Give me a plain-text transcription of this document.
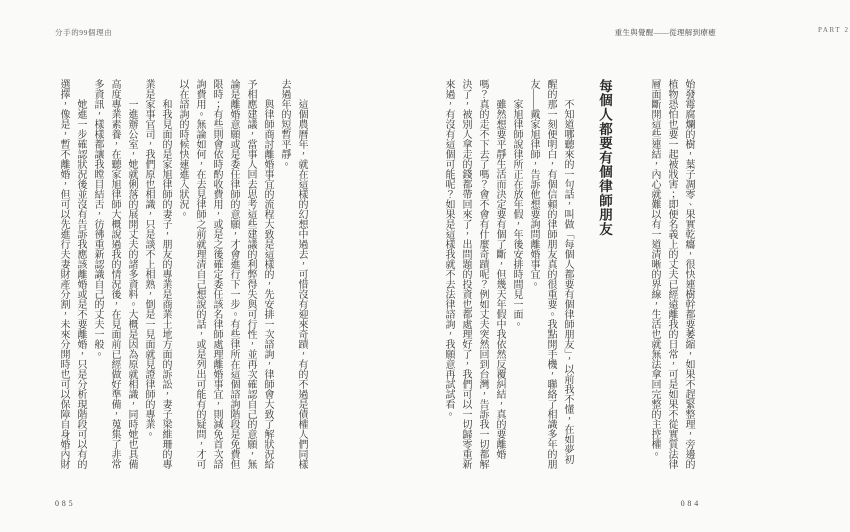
分手的99個理由

這個農曆年，就在這樣的幻想中過去，可惜沒有迎來奇蹟，有的不過是債權人們同樣去過年的短暫平靜。

與律師商討離婚事宜的流程大致是這樣的，先安排一次諮詢，律師會大致了解狀況給予相應建議，當事人回去思考這些建議的利弊得失與可行性，並再次確認自己的意願，無論是離婚意願或是委任律師的意願，才會進行下一步。有些律所在這個諮詢階段是免費但限時；有些則會依時酌收費用，或是之後確定委任該名律師處理離婚事宜，則減免首次諮詢費用。無論如何，在去見律師之前就理清自己想說的話，或是列出可能有的疑問，才可以在諮詢的時候快速進入狀況。

和我見面的是家旭律師的妻子，朋友的專業是商業土地方面的訴訟，妻子梁維珊的專業是家事官司，我們原也相識，只是談不上相熟，倒是一見面就見證律師的專業。

一進辦公室，她就俐落的展開丈夫的諸多資料。大概是因為原就相識，同時她也具備高度專業素養，在聽家旭律師大概說過我的情況後，在見面前已經做好準備，蒐集了非常多資訊，樣樣都讓我瞠目結舌，彷彿重新認識自己的丈夫一般。

她進一步確認狀況後並沒有告訴我應該離婚或是不要離婚，只是分析現階段可以有的選擇，像是，暫不離婚，但可以先進行夫妻財產分割，未來分開時也可以保障自身婚內財

085
PART 2
重生與覺醒——從理解到療癒

始發霉腐爛的樹，葉子凋零、果實乾癟，很快連樹幹都要萎縮，如果不趕緊整理，旁邊的植物恐怕也要一起被戕害；即便名義上的丈夫已經遠離我的日常，可是如果不從實質法律層面斷開這些連結，內心就難以有一道清晰的界線，生活也就無法拿回完整的主控權。

每個人都要有個律師朋友

不知道哪聽來的一句話，叫做「每個人都要有個律師朋友」，以前我不懂，在如夢初醒的那一刻便明白，有個信賴的律師朋友真的很重要。我點開手機，聯絡了相識多年的朋友——戴家旭律師，告訴他想要詢問離婚事宜。

家旭律師說律所正在放年假，年後安排時間見一面。

雖然想要平靜生活而決定要有個了斷，但幾天年假中我依然反覆糾結，真的要離婚嗎？真的走不下去了嗎？會不會有什麼奇蹟呢？例如丈夫突然回到台灣，告訴我一切都解決了，被別人拿走的錢都帶回來了，出問題的投資也都處理好了，我們可以一切歸零重新來過，有沒有這個可能呢？如果是這樣我就不去法律諮詢，我願意再試試看。

084
